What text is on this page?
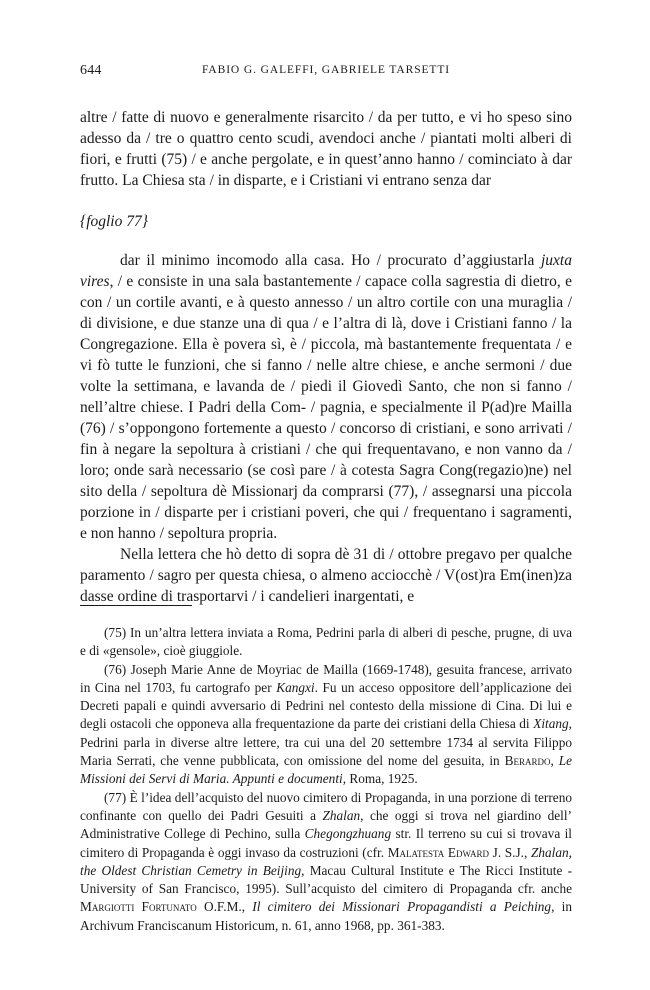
644	FABIO G. GALEFFI, GABRIELE TARSETTI

altre / fatte di nuovo e generalmente risarcito / da per tutto, e vi ho speso sino adesso da / tre o quattro cento scudi, avendoci anche / piantati molti alberi di fiori, e frutti (75) / e anche pergolate, e in quest’anno hanno / cominciato à dar frutto. La Chiesa sta / in disparte, e i Cristiani vi entrano senza dar

{foglio 77}

dar il minimo incomodo alla casa. Ho / procurato d’aggiustarla juxta vires, / e consiste in una sala bastantemente / capace colla sagrestia di dietro, e con / un cortile avanti, e à questo annesso / un altro cortile con una muraglia / di divisione, e due stanze una di qua / e l’altra di là, dove i Cristiani fanno / la Congregazione. Ella è povera sì, è / piccola, mà bastantemente frequentata / e vi fò tutte le funzioni, che si fanno / nelle altre chiese, e anche sermoni / due volte la settimana, e lavanda de / piedi il Giovedì Santo, che non si fanno / nell’altre chiese. I Padri della Com- / pagnia, e specialmente il P(ad)re Mailla (76) / s’oppongono fortemente a questo / concorso di cristiani, e sono arrivati / fin à negare la sepoltura à cristiani / che qui frequentavano, e non vanno da / loro; onde sarà necessario (se così pare / à cotesta Sagra Cong(regazio)ne) nel sito della / sepoltura dè Missionarj da comprarsi (77), / assegnarsi una piccola porzione in / disparte per i cristiani poveri, che qui / frequentano i sagramenti, e non hanno / sepoltura propria.

Nella lettera che hò detto di sopra dè 31 di / ottobre pregavo per qualche paramento / sagro per questa chiesa, o almeno acciocchè / V(ost)ra Em(inen)za dasse ordine di trasportarvi / i candelieri inargentati, e

(75) In un’altra lettera inviata a Roma, Pedrini parla di alberi di pesche, prugne, di uva e di «gensole», cioè giuggiole.

(76) Joseph Marie Anne de Moyriac de Mailla (1669-1748), gesuita francese, arrivato in Cina nel 1703, fu cartografo per Kangxi. Fu un acceso oppositore dell’applicazione dei Decreti papali e quindi avversario di Pedrini nel contesto della missione di Cina. Di lui e degli ostacoli che opponeva alla frequentazione da parte dei cristiani della Chiesa di Xitang, Pedrini parla in diverse altre lettere, tra cui una del 20 settembre 1734 al servita Filippo Maria Serrati, che venne pubblicata, con omissione del nome del gesuita, in Berardo, Le Missioni dei Servi di Maria. Appunti e documenti, Roma, 1925.

(77) È l’idea dell’acquisto del nuovo cimitero di Propaganda, in una porzione di terreno confinante con quello dei Padri Gesuiti a Zhalan, che oggi si trova nel giardino dell’ Administrative College di Pechino, sulla Chegongzhuang str. Il terreno su cui si trovava il cimitero di Propaganda è oggi invaso da costruzioni (cfr. Malatesta Edward J. S.J., Zhalan, the Oldest Christian Cemetry in Beijing, Macau Cultural Institute e The Ricci Institute - University of San Francisco, 1995). Sull’acquisto del cimitero di Propaganda cfr. anche Margiotti Fortunato O.F.M., Il cimitero dei Missionari Propagandisti a Peiching, in Archivum Franciscanum Historicum, n. 61, anno 1968, pp. 361-383.
